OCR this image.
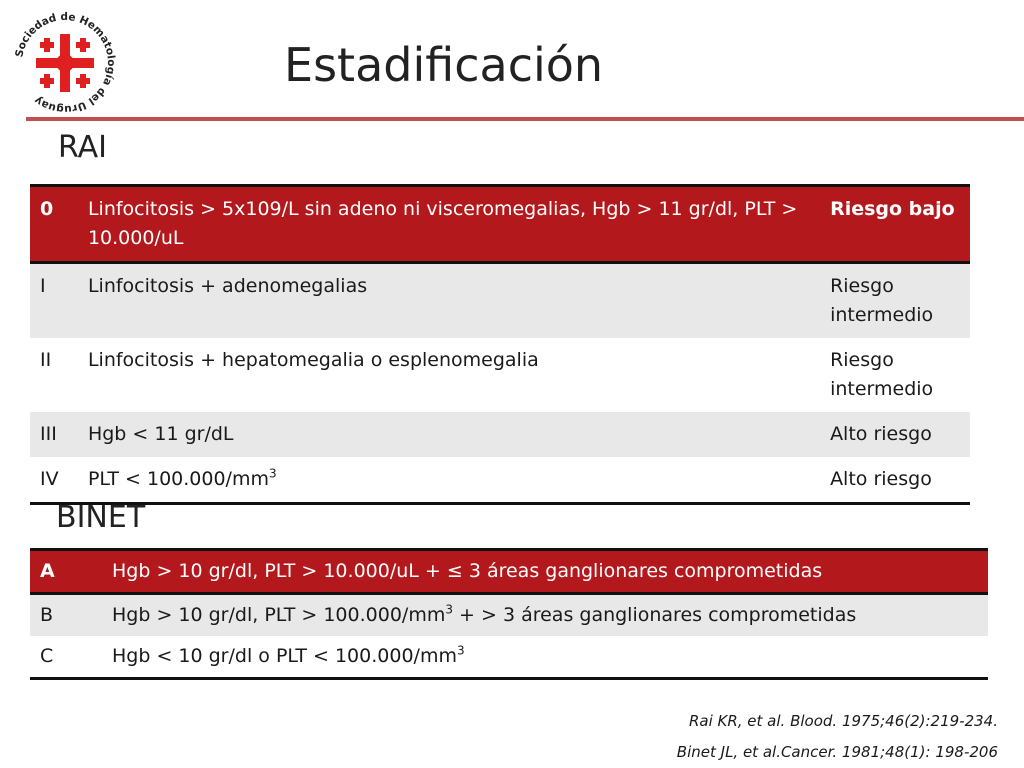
Sociedad de Hematología del Uruguay
Estadificación
RAI
0	Linfocitosis > 5x109/L sin adeno ni visceromegalias, Hgb > 11 gr/dl, PLT > 10.000/uL	Riesgo bajo
I	Linfocitosis + adenomegalias	Riesgo intermedio
II	Linfocitosis + hepatomegalia o esplenomegalia	Riesgo intermedio
III	Hgb < 11 gr/dL	Alto riesgo
IV	PLT < $100.000/mm^3$	Alto riesgo
BINET
A	Hgb > 10 gr/dl, PLT > 10.000/uL + ≤ 3 áreas ganglionares comprometidas
B	Hgb > 10 gr/dl, PLT > $100.000/mm^3$ + > 3 áreas ganglionares comprometidas
C	Hgb < 10 gr/dl o PLT < $100.000/mm^3$
Rai KR, et al. Blood. 1975;46(2):219-234.
Binet JL, et al.Cancer. 1981;48(1): 198-206
